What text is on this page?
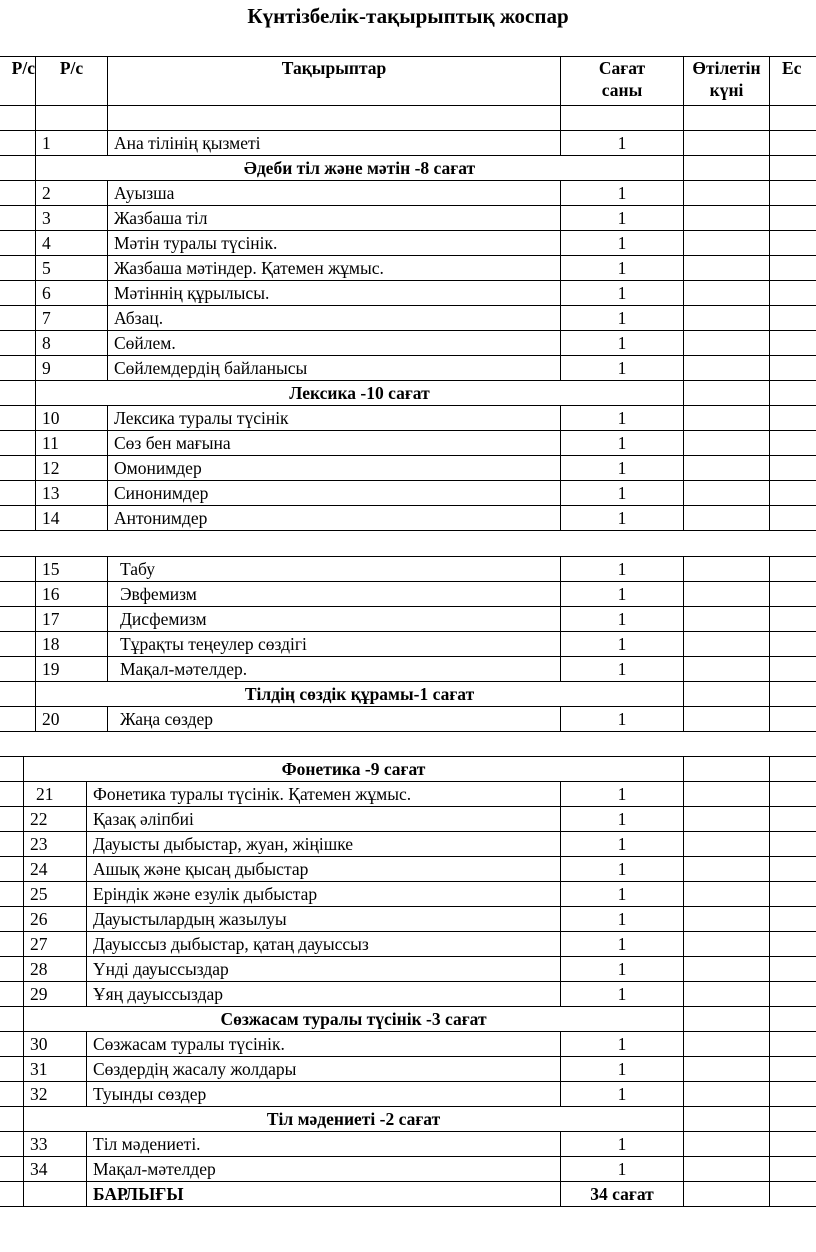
Күнтізбелік-тақырыптық жоспар
Р/с	Р/с	Тақырыптар	Сағат саны	Өтілетін күні	Ес

	1	Ана тілінің қызметі	1		
	Әдеби тіл және мәтін -8 сағат				
	2	Ауызша	1		
	3	Жазбаша тіл	1		
	4	Мәтін туралы түсінік.	1		
	5	Жазбаша мәтіндер. Қатемен жұмыс.	1		
	6	Мәтіннің құрылысы.	1		
	7	Абзац.	1		
	8	Сөйлем.	1		
	9	Сөйлемдердің байланысы	1		
	Лексика -10 сағат				
	10	Лексика туралы түсінік	1		
	11	Сөз бен мағына	1		
	12	Омонимдер	1		
	13	Синонимдер	1		
	14	Антонимдер	1		
	15	Табу	1		
	16	Эвфемизм	1		
	17	Дисфемизм	1		
	18	Тұрақты теңеулер сөздігі	1		
	19	Мақал-мәтелдер.	1		
	Тілдің сөздік құрамы-1 сағат				
	20	Жаңа сөздер	1		
	Фонетика -9 сағат				
	21	Фонетика туралы түсінік. Қатемен жұмыс.	1		
	22	Қазақ әліпбиі	1		
	23	Дауысты дыбыстар, жуан, жіңішке	1		
	24	Ашық және қысаң дыбыстар	1		
	25	Еріндік және езулік дыбыстар	1		
	26	Дауыстылардың жазылуы	1		
	27	Дауыссыз дыбыстар, қатаң дауыссыз	1		
	28	Үнді дауыссыздар	1		
	29	Ұяң дауыссыздар	1		
	Сөзжасам туралы түсінік -3 сағат				
	30	Сөзжасам туралы түсінік.	1		
	31	Сөздердің жасалу жолдары	1		
	32	Туынды сөздер	1		
	Тіл мәдениеті -2 сағат				
	33	Тіл мәдениеті.	1		
	34	Мақал-мәтелдер	1		
		БАРЛЫҒЫ	34 сағат		
